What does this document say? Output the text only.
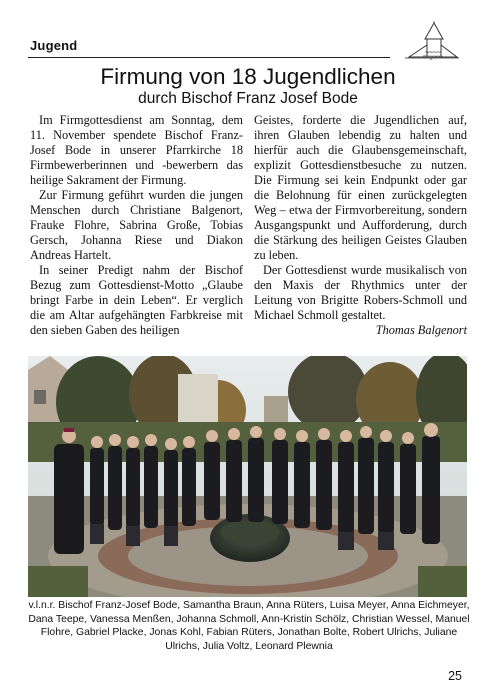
Jugend	Katholische
Pfarrgemeinde
St. ...
Firmung von 18 Jugendlichen
durch Bischof Franz Josef Bode

Im Firmgottesdienst am Sonntag, dem 11. November spendete Bischof Franz-Josef Bode in unserer Pfarrkirche 18 Firmbewerberinnen und -bewerbern das heilige Sakrament der Firmung.

Zur Firmung geführt wurden die jungen Menschen durch Christiane Balgenort, Frauke Flohre, Sabrina Große, Tobias Gersch, Johanna Riese und Diakon Andreas Hartelt.

In seiner Predigt nahm der Bischof Bezug zum Gottesdienst-Motto „Glaube bringt Farbe in dein Leben“. Er verglich die am Altar aufgehängten Farbkreise mit den sieben Gaben des heiligen

Geistes, forderte die Jugendlichen auf, ihren Glauben lebendig zu halten und hierfür auch die Glaubensgemeinschaft, explizit Gottesdienstbesuche zu nutzen. Die Firmung sei kein Endpunkt oder gar die Belohnung für einen zurückgelegten Weg – etwa der Firmvorbereitung, sondern Ausgangspunkt und Aufforderung, durch die Stärkung des heiligen Geistes Glauben zu leben.

Der Gottesdienst wurde musikalisch von den Maxis der Rhythmics unter der Leitung von Brigitte Robers-Schmoll und Michael Schmoll gestaltet.

Thomas Balgenort

v.l.n.r. Bischof Franz-Josef Bode, Samantha Braun, Anna Rüters, Luisa Meyer, Anna Eichmeyer, Dana Teepe, Vanessa Menßen, Johanna Schmoll, Ann-Kristin Schölz, Christian Wessel, Manuel Flohre, Gabriel Placke, Jonas Kohl, Fabian Rüters, Jonathan Bolte, Robert Ulrichs, Juliane Ulrichs, Julia Voltz, Leonard Plewnia
25
